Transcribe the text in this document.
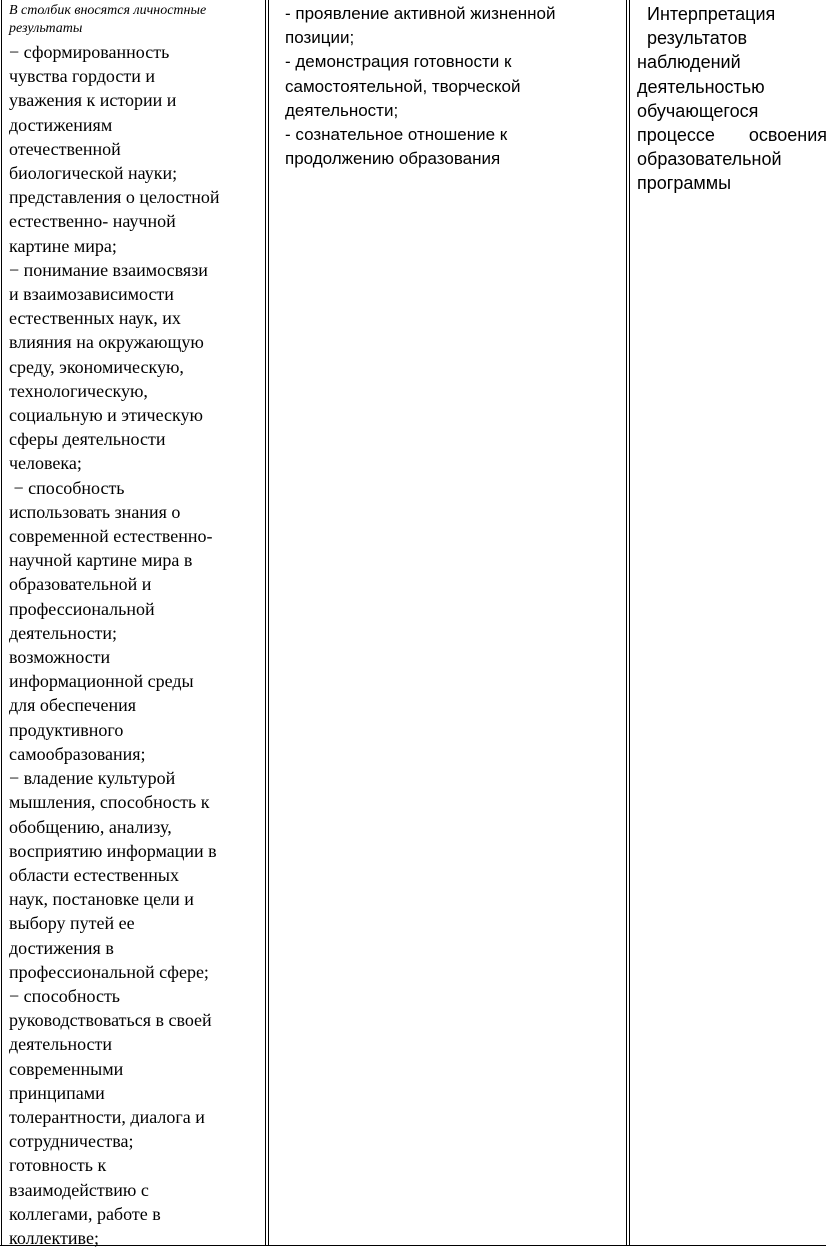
В столбик вносятся личностные результаты
− сформированность
чувства гордости и
уважения к истории и
достижениям
отечественной
биологической науки;
представления о целостной
естественно- научной
картине мира;
− понимание взаимосвязи
и взаимозависимости
естественных наук, их
влияния на окружающую
среду, экономическую,
технологическую,
социальную и этическую
сферы деятельности
человека;
− способность
использовать знания о
современной естественно-
научной картине мира в
образовательной и
профессиональной
деятельности;
возможности
информационной среды
для обеспечения
продуктивного
самообразования;
− владение культурой
мышления, способность к
обобщению, анализу,
восприятию информации в
области естественных
наук, постановке цели и
выбору путей ее
достижения в
профессиональной сфере;
− способность
руководствоваться в своей
деятельности
современными
принципами
толерантности, диалога и
сотрудничества;
готовность к
взаимодействию с
коллегами, работе в
коллективе;
- проявление активной жизненной
позиции;
- демонстрация готовности к
самостоятельной, творческой
деятельности;
- сознательное отношение к
продолжению образования
Интерпретация
результатов
наблюдений
деятельностью
обучающегося
процессе освоения
образовательной
программы
